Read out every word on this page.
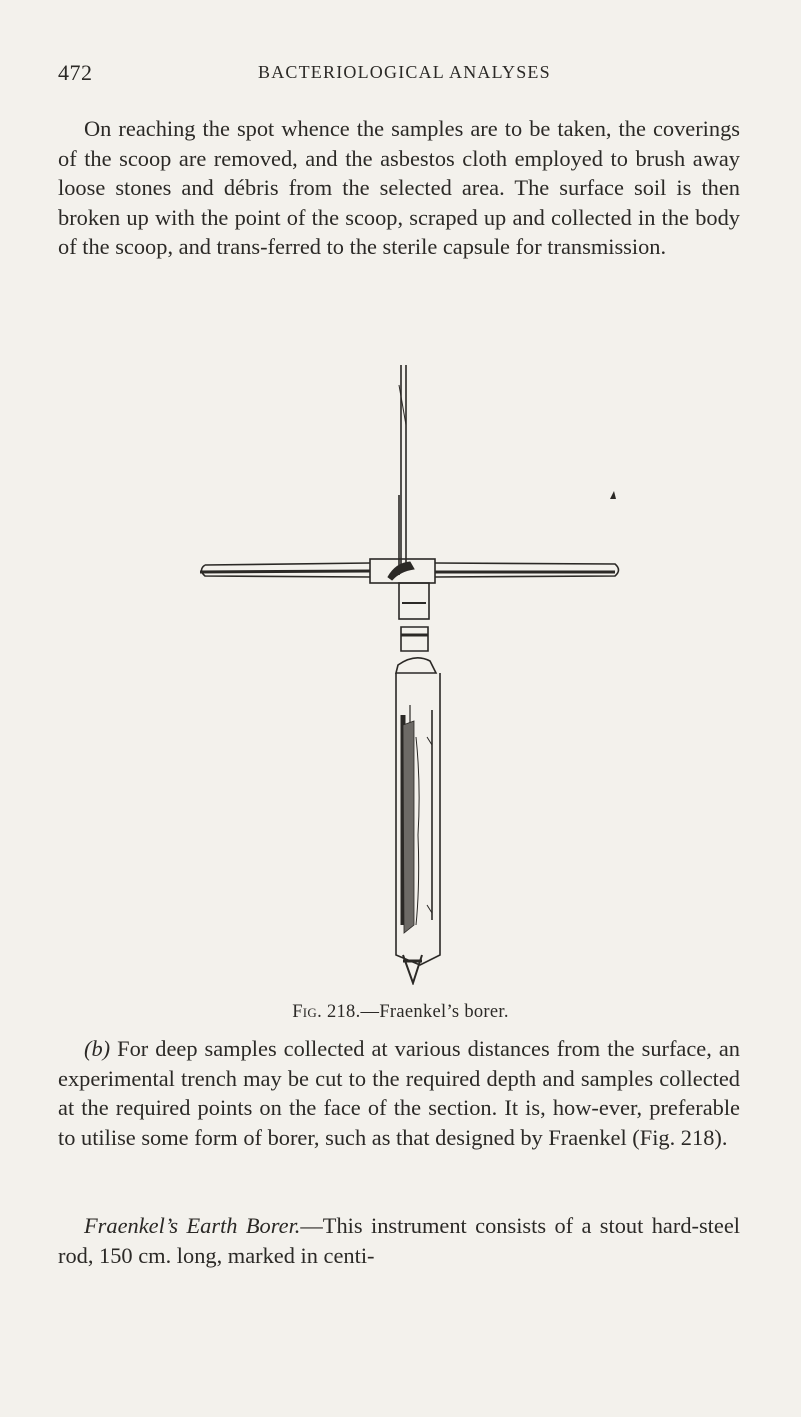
472	BACTERIOLOGICAL ANALYSES

On reaching the spot whence the samples are to be taken, the coverings of the scoop are removed, and the asbestos cloth employed to brush away loose stones and débris from the selected area. The surface soil is then broken up with the point of the scoop, scraped up and collected in the body of the scoop, and trans-ferred to the sterile capsule for transmission.

Fig. 218.—Fraenkel’s borer.

(b) For deep samples collected at various distances from the surface, an experimental trench may be cut to the required depth and samples collected at the required points on the face of the section. It is, how-ever, preferable to utilise some form of borer, such as that designed by Fraenkel (Fig. 218).

Fraenkel’s Earth Borer.—This instrument consists of a stout hard-steel rod, 150 cm. long, marked in centi-
